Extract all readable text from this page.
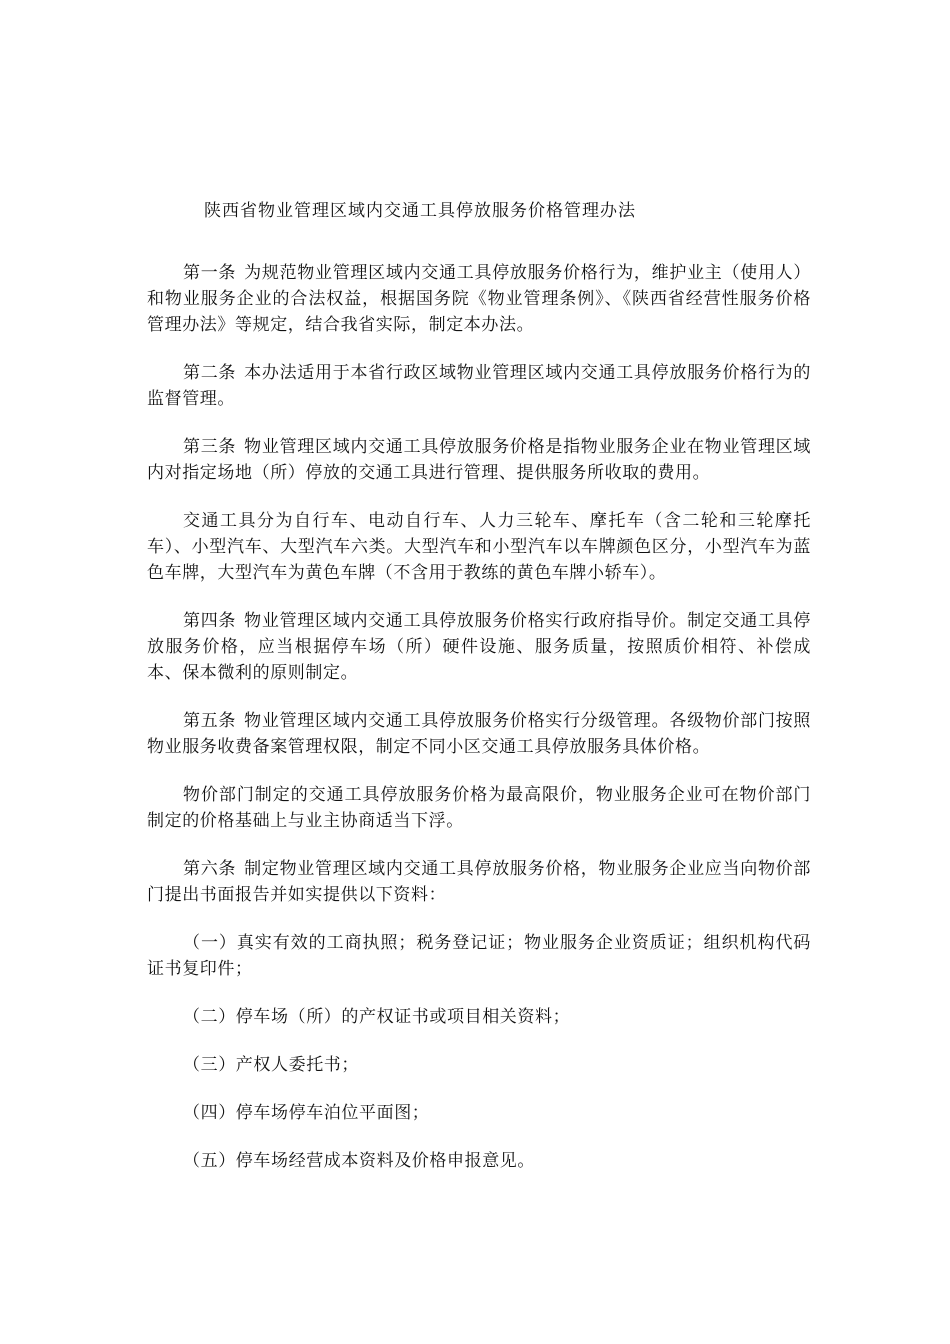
陕西省物业管理区域内交通工具停放服务价格管理办法

第一条 为规范物业管理区域内交通工具停放服务价格行为，维护业主（使用人）和物业服务企业的合法权益，根据国务院《物业管理条例》、《陕西省经营性服务价格管理办法》等规定，结合我省实际，制定本办法。

第二条 本办法适用于本省行政区域物业管理区域内交通工具停放服务价格行为的监督管理。

第三条 物业管理区域内交通工具停放服务价格是指物业服务企业在物业管理区域内对指定场地（所）停放的交通工具进行管理、提供服务所收取的费用。

交通工具分为自行车、电动自行车、人力三轮车、摩托车（含二轮和三轮摩托车）、小型汽车、大型汽车六类。大型汽车和小型汽车以车牌颜色区分，小型汽车为蓝色车牌，大型汽车为黄色车牌（不含用于教练的黄色车牌小轿车）。

第四条 物业管理区域内交通工具停放服务价格实行政府指导价。制定交通工具停放服务价格，应当根据停车场（所）硬件设施、服务质量，按照质价相符、补偿成本、保本微利的原则制定。

第五条 物业管理区域内交通工具停放服务价格实行分级管理。各级物价部门按照物业服务收费备案管理权限，制定不同小区交通工具停放服务具体价格。

物价部门制定的交通工具停放服务价格为最高限价，物业服务企业可在物价部门制定的价格基础上与业主协商适当下浮。

第六条 制定物业管理区域内交通工具停放服务价格，物业服务企业应当向物价部门提出书面报告并如实提供以下资料：

（一）真实有效的工商执照；税务登记证；物业服务企业资质证；组织机构代码证书复印件；

（二）停车场（所）的产权证书或项目相关资料；

（三）产权人委托书；

（四）停车场停车泊位平面图；

（五）停车场经营成本资料及价格申报意见。
